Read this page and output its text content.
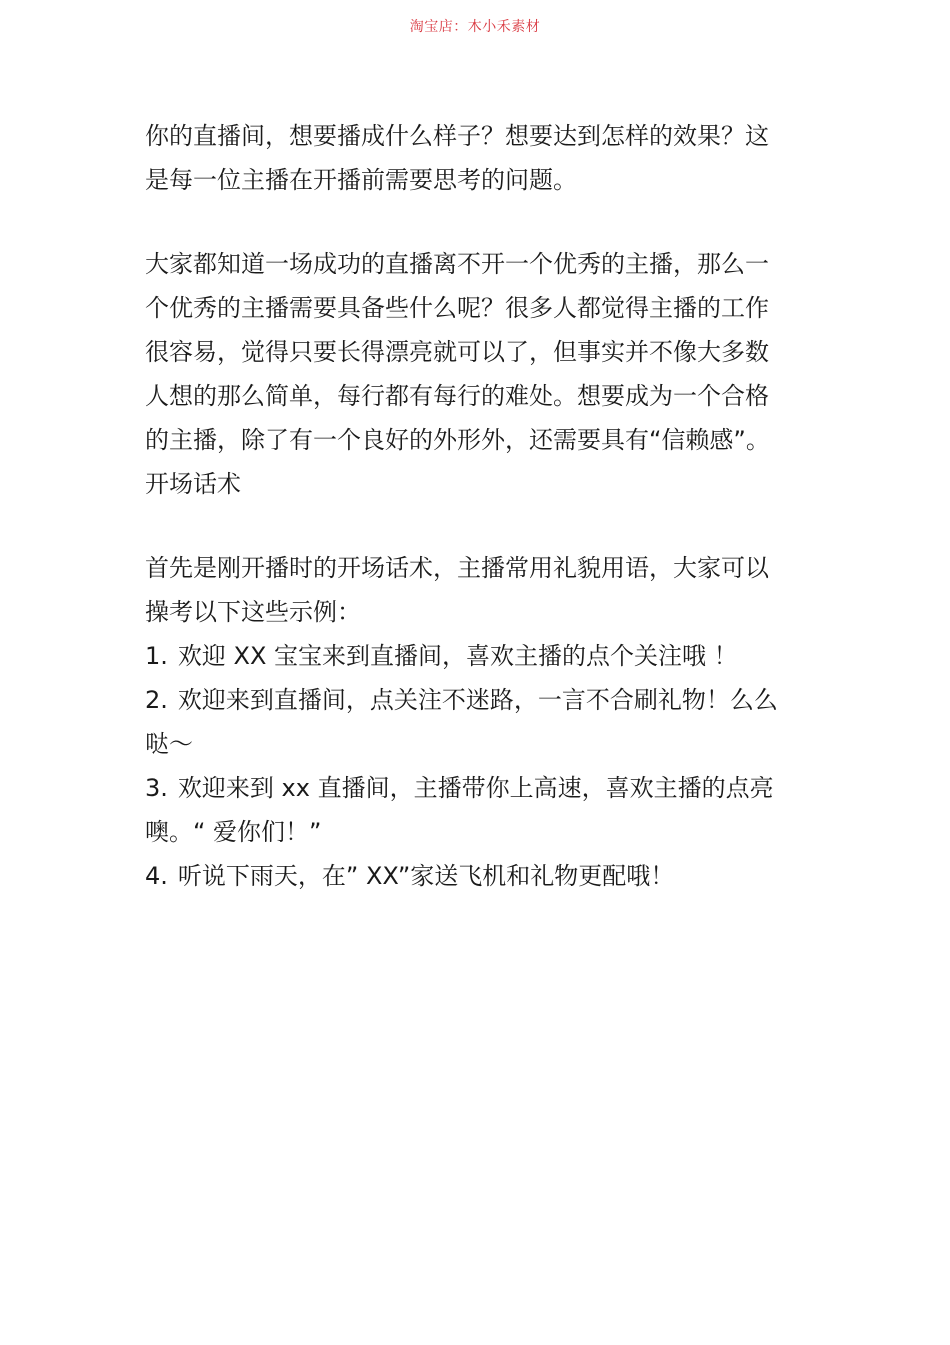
淘宝店：木小禾素材

你的直播间，想要播成什么样子？想要达到怎样的效果？这是每一位主播在开播前需要思考的问题。

大家都知道一场成功的直播离不开一个优秀的主播，那么一个优秀的主播需要具备些什么呢？很多人都觉得主播的工作很容易，觉得只要长得漂亮就可以了，但事实并不像大多数人想的那么简单，每行都有每行的难处。想要成为一个合格的主播，除了有一个良好的外形外，还需要具有“信赖感”。

开场话术

首先是刚开播时的开场话术，主播常用礼貌用语，大家可以操考以下这些示例：

1. 欢迎 XX 宝宝来到直播间，喜欢主播的点个关注哦 ！
2. 欢迎来到直播间，点关注不迷路，一言不合刷礼物！么么哒～
3. 欢迎来到 xx 直播间，主播带你上高速，喜欢主播的点亮噢。“ 爱你们！”
4. 听说下雨天，在” XX”家送飞机和礼物更配哦！
